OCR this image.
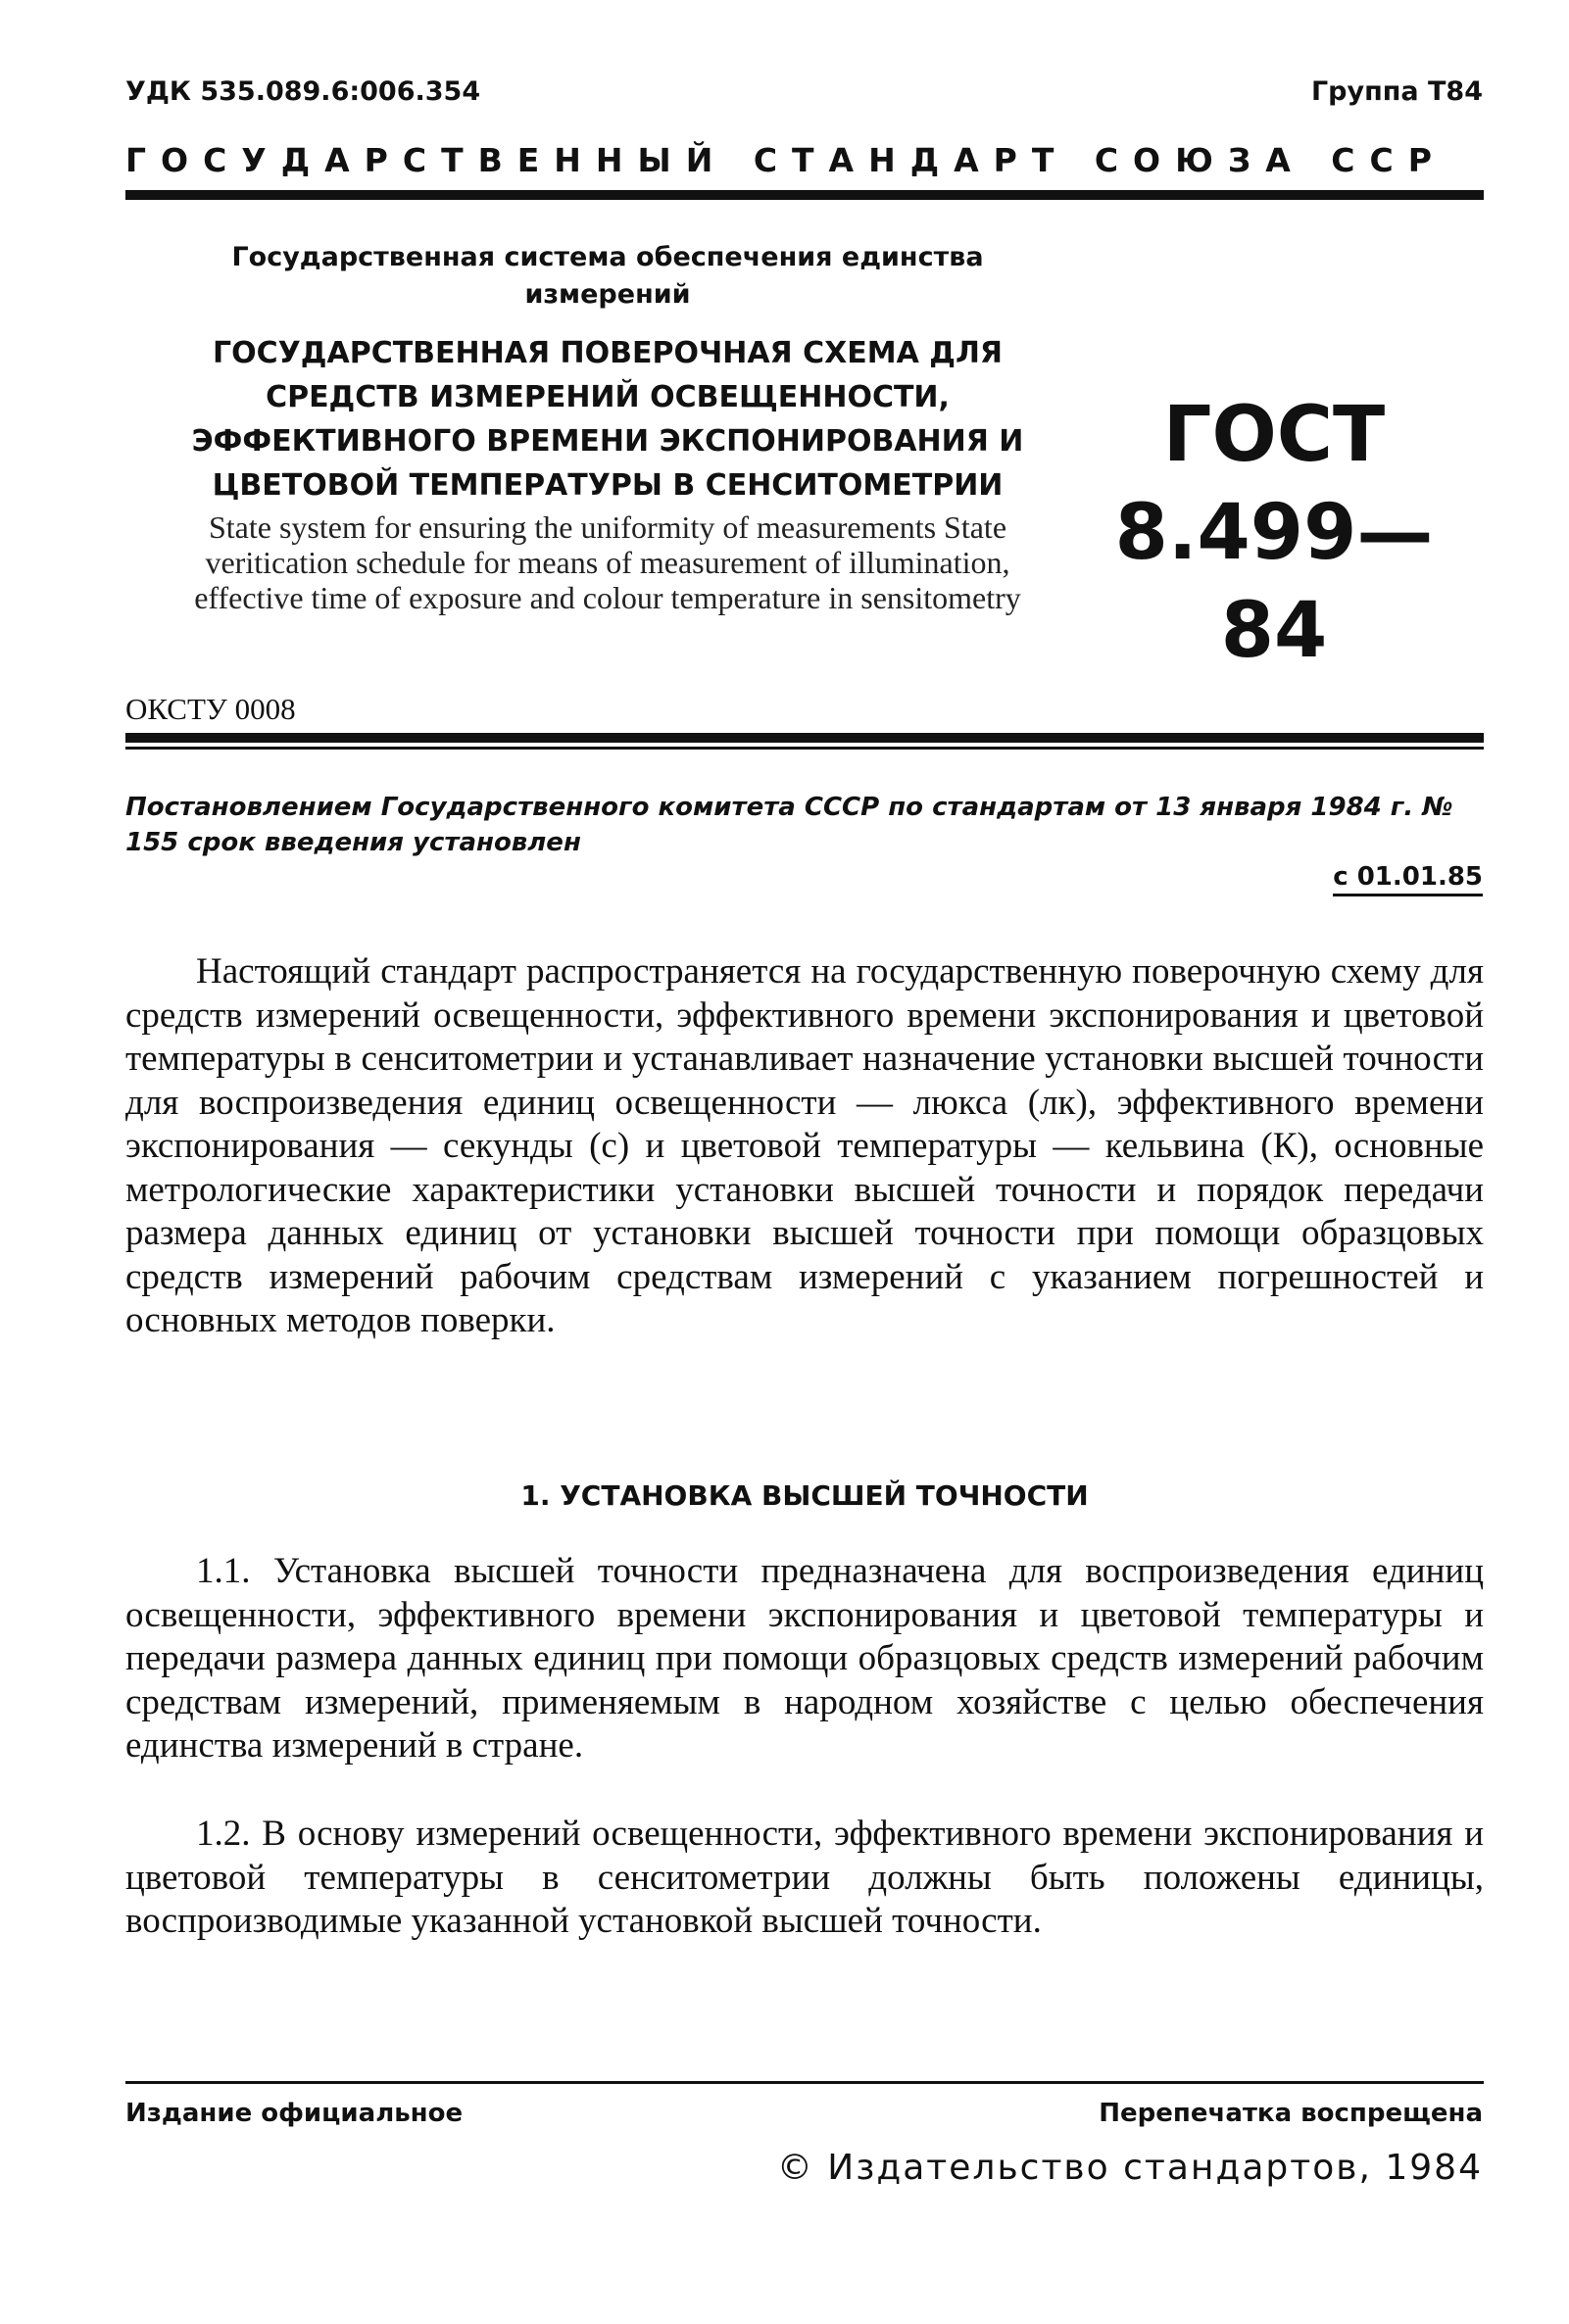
УДК 535.089.6:006.354	Группа Т84
ГОСУДАРСТВЕННЫЙ СТАНДАРТ СОЮЗА ССР
Государственная система обеспечения единства измерений
ГОСУДАРСТВЕННАЯ ПОВЕРОЧНАЯ СХЕМА ДЛЯ СРЕДСТВ ИЗМЕРЕНИЙ ОСВЕЩЕННОСТИ, ЭФФЕКТИВНОГО ВРЕМЕНИ ЭКСПОНИРОВАНИЯ И ЦВЕТОВОЙ ТЕМПЕРАТУРЫ В СЕНСИТОМЕТРИИ
State system for ensuring the uniformity of measurements State veritication schedule for means of measurement of illumination, effective time of exposure and colour temperature in sensitometry
ОКСТУ 0008
ГОСТ
8.499—84
Постановлением Государственного комитета СССР по стандартам от 13 января 1984 г. № 155 срок введения установлен
с 01.01.85
Настоящий стандарт распространяется на государственную поверочную схему для средств измерений освещенности, эффективного времени экспонирования и цветовой температуры в сенситометрии и устанавливает назначение установки высшей точности для воспроизведения единиц освещенности — люкса (лк), эффективного времени экспонирования — секунды (с) и цветовой температуры — кельвина (К), основные метрологические характеристики установки высшей точности и порядок передачи размера данных единиц от установки высшей точности при помощи образцовых средств измерений рабочим средствам измерений с указанием погрешностей и основных методов поверки.
1. УСТАНОВКА ВЫСШЕЙ ТОЧНОСТИ
1.1. Установка высшей точности предназначена для воспроизведения единиц освещенности, эффективного времени экспонирования и цветовой температуры и передачи размера данных единиц при помощи образцовых средств измерений рабочим средствам измерений, применяемым в народном хозяйстве с целью обеспечения единства измерений в стране.
1.2. В основу измерений освещенности, эффективного времени экспонирования и цветовой температуры в сенситометрии должны быть положены единицы, воспроизводимые указанной установкой высшей точности.
Издание официальное	Перепечатка воспрещена
© Издательство стандартов, 1984
